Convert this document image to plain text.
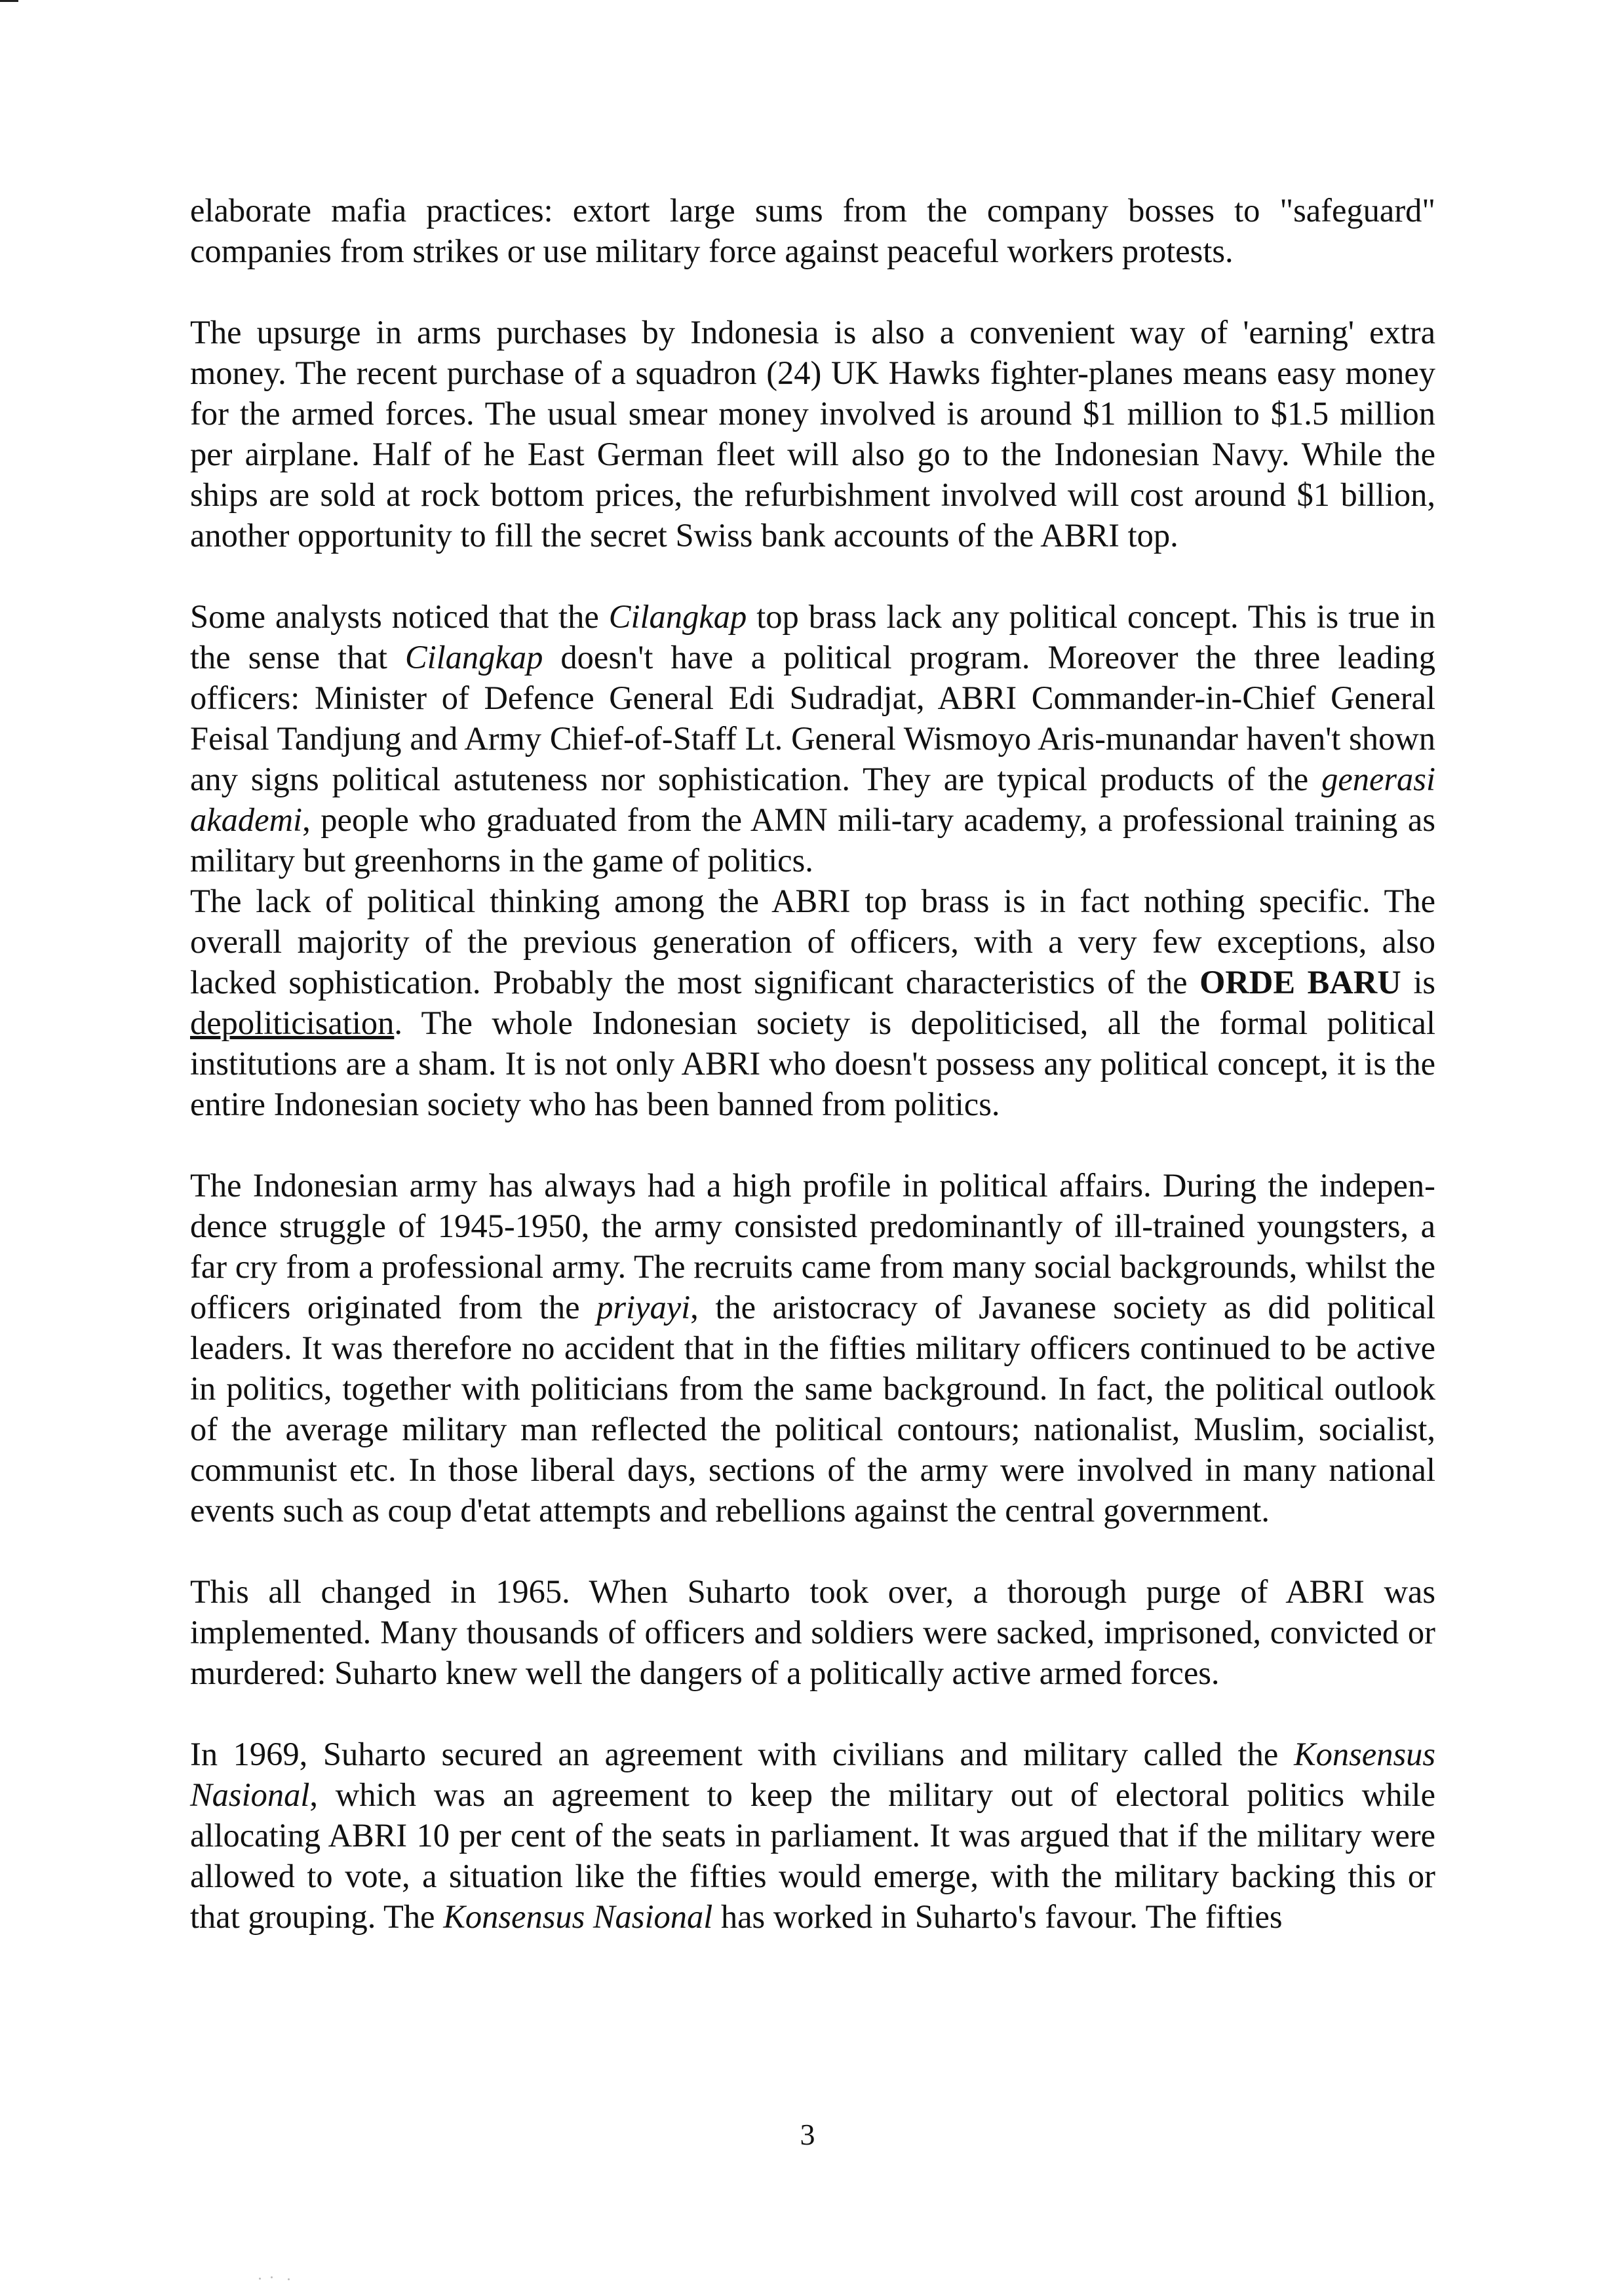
elaborate mafia practices: extort large sums from the company bosses to "safeguard" companies from strikes or use military force against peaceful workers protests.

The upsurge in arms purchases by Indonesia is also a convenient way of 'earning' extra money. The recent purchase of a squadron (24) UK Hawks fighter-planes means easy money for the armed forces. The usual smear money involved is around $1 million to $1.5 million per airplane. Half of he East German fleet will also go to the Indonesian Navy. While the ships are sold at rock bottom prices, the refurbishment involved will cost around $1 billion, another opportunity to fill the secret Swiss bank accounts of the ABRI top.

Some analysts noticed that the Cilangkap top brass lack any political concept. This is true in the sense that Cilangkap doesn't have a political program. Moreover the three leading officers: Minister of Defence General Edi Sudradjat, ABRI Commander-in-Chief General Feisal Tandjung and Army Chief-of-Staff Lt. General Wismoyo Aris-munandar haven't shown any signs political astuteness nor sophistication. They are typical products of the generasi akademi, people who graduated from the AMN mili-tary academy, a professional training as military but greenhorns in the game of politics.

The lack of political thinking among the ABRI top brass is in fact nothing specific. The overall majority of the previous generation of officers, with a very few exceptions, also lacked sophistication. Probably the most significant characteristics of the ORDE BARU is depoliticisation. The whole Indonesian society is depoliticised, all the formal political institutions are a sham. It is not only ABRI who doesn't possess any political concept, it is the entire Indonesian society who has been banned from politics.

The Indonesian army has always had a high profile in political affairs. During the indepen-dence struggle of 1945-1950, the army consisted predominantly of ill-trained youngsters, a far cry from a professional army. The recruits came from many social backgrounds, whilst the officers originated from the priyayi, the aristocracy of Javanese society as did political leaders. It was therefore no accident that in the fifties military officers continued to be active in politics, together with politicians from the same background. In fact, the political outlook of the average military man reflected the political contours; nationalist, Muslim, socialist, communist etc. In those liberal days, sections of the army were involved in many national events such as coup d'etat attempts and rebellions against the central government.

This all changed in 1965. When Suharto took over, a thorough purge of ABRI was implemented. Many thousands of officers and soldiers were sacked, imprisoned, convicted or murdered: Suharto knew well the dangers of a politically active armed forces.

In 1969, Suharto secured an agreement with civilians and military called the Konsensus Nasional, which was an agreement to keep the military out of electoral politics while allocating ABRI 10 per cent of the seats in parliament. It was argued that if the military were allowed to vote, a situation like the fifties would emerge, with the military backing this or that grouping. The Konsensus Nasional has worked in Suharto's favour. The fifties

3
